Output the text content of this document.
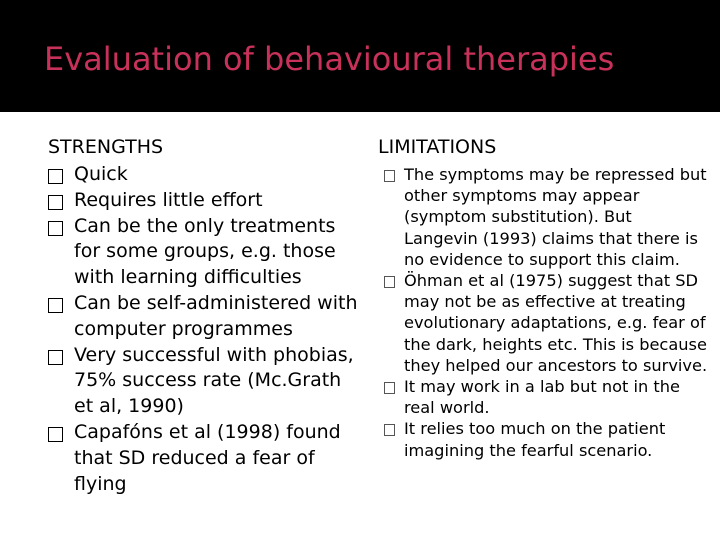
Evaluation of behavioural therapies
STRENGTHS
Quick
Requires little effort
Can be the only treatments for some groups, e.g. those with learning difficulties
Can be self-administered with computer programmes
Very successful with phobias, 75% success rate (Mc.Grath et al, 1990)
Capafóns et al (1998) found that SD reduced a fear of flying
LIMITATIONS
The symptoms may be repressed but other symptoms may appear (symptom substitution). But Langevin (1993) claims that there is no evidence to support this claim.
Öhman et al (1975) suggest that SD may not be as effective at treating evolutionary adaptations, e.g. fear of the dark, heights etc. This is because they helped our ancestors to survive.
It may work in a lab but not in the real world.
It relies too much on the patient imagining the fearful scenario.
